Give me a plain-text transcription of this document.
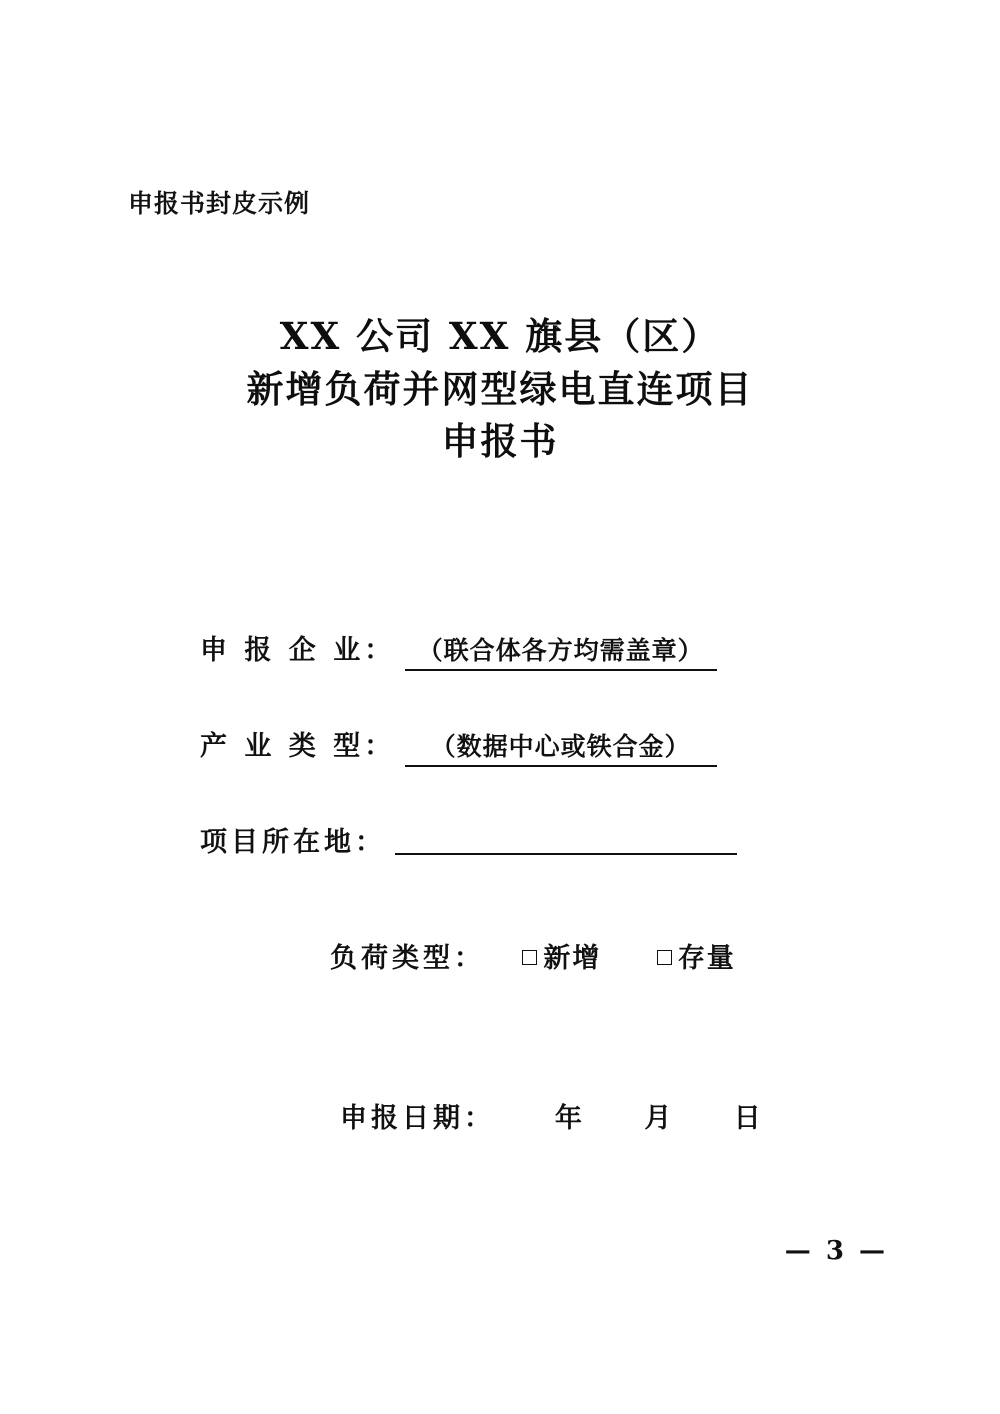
申报书封皮示例
XX 公司 XX 旗县（区）
新增负荷并网型绿电直连项目
申报书
申 报 企 业： （联合体各方均需盖章）
产 业 类 型： （数据中心或铁合金）
项目所在地：
负荷类型： 新增	存量
申报日期： 年 月 日
— 3 —
